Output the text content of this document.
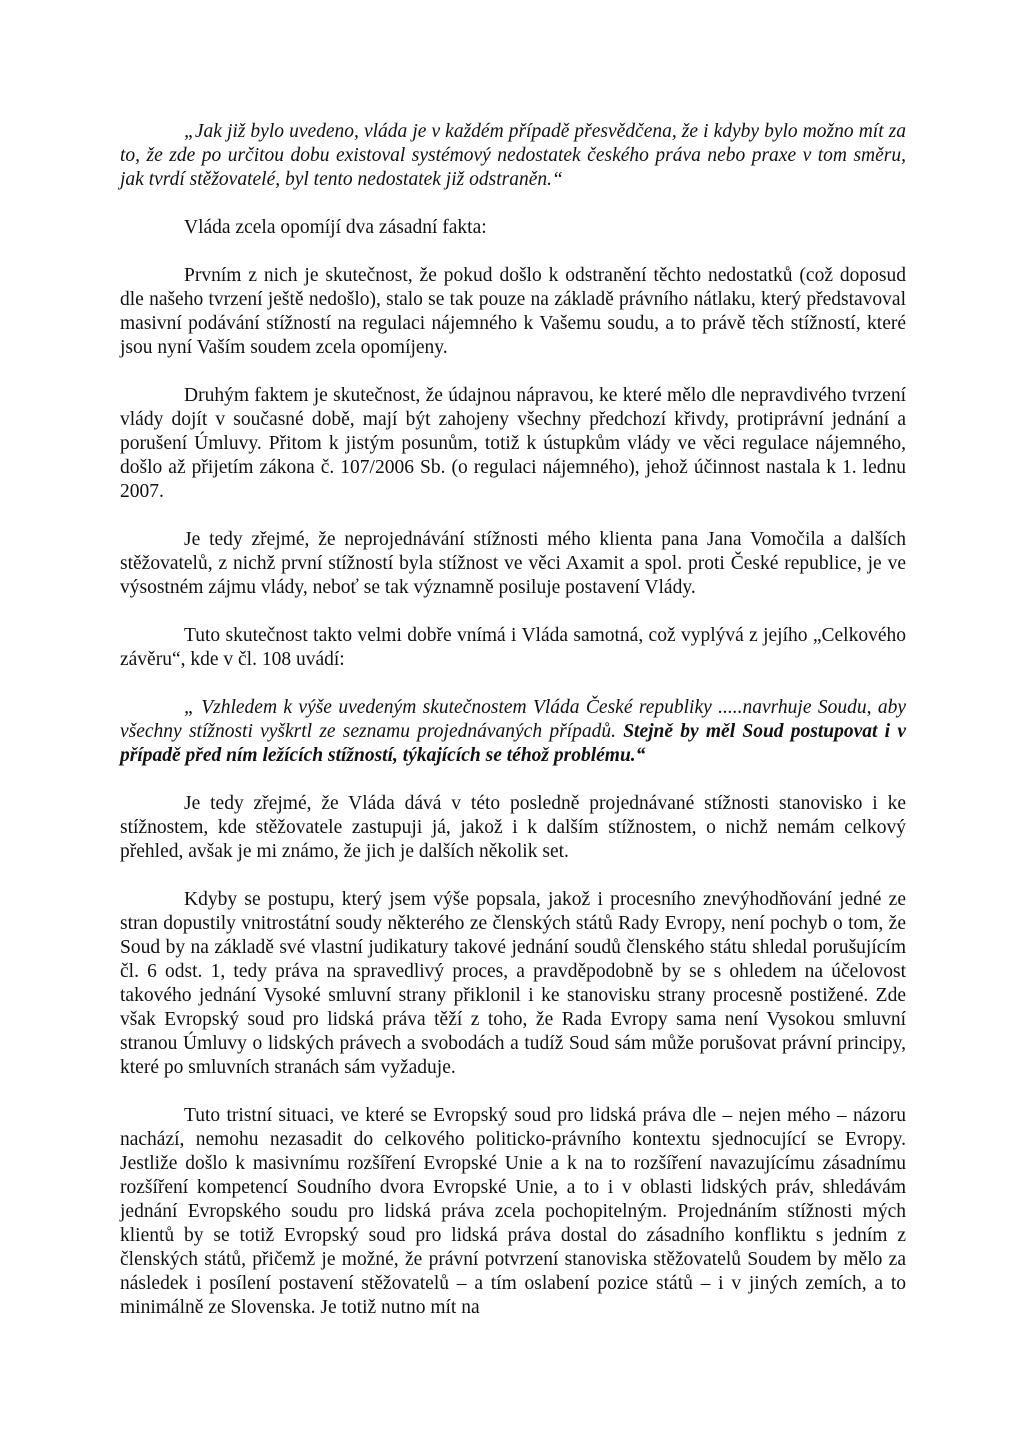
„Jak již bylo uvedeno, vláda je v každém případě přesvědčena, že i kdyby bylo možno mít za to, že zde po určitou dobu existoval systémový nedostatek českého práva nebo praxe v tom směru, jak tvrdí stěžovatelé, byl tento nedostatek již odstraněn.“

Vláda zcela opomíjí dva zásadní fakta:

Prvním z nich je skutečnost, že pokud došlo k odstranění těchto nedostatků (což doposud dle našeho tvrzení ještě nedošlo), stalo se tak pouze na základě právního nátlaku, který představoval masivní podávání stížností na regulaci nájemného k Vašemu soudu, a to právě těch stížností, které jsou nyní Vaším soudem zcela opomíjeny.

Druhým faktem je skutečnost, že údajnou nápravou, ke které mělo dle nepravdivého tvrzení vlády dojít v současné době, mají být zahojeny všechny předchozí křivdy, protiprávní jednání a porušení Úmluvy. Přitom k jistým posunům, totiž k ústupkům vlády ve věci regulace nájemného, došlo až přijetím zákona č. 107/2006 Sb. (o regulaci nájemného), jehož účinnost nastala k 1. lednu 2007.

Je tedy zřejmé, že neprojednávání stížnosti mého klienta pana Jana Vomočila a dalších stěžovatelů, z nichž první stížností byla stížnost ve věci Axamit a spol. proti České republice, je ve výsostném zájmu vlády, neboť se tak významně posiluje postavení Vlády.

Tuto skutečnost takto velmi dobře vnímá i Vláda samotná, což vyplývá z jejího „Celkového závěru“, kde v čl. 108 uvádí:

„ Vzhledem k výše uvedeným skutečnostem Vláda České republiky .....navrhuje Soudu, aby všechny stížnosti vyškrtl ze seznamu projednávaných případů. Stejně by měl Soud postupovat i v případě před ním ležících stížností, týkajících se téhož problému.“

Je tedy zřejmé, že Vláda dává v této posledně projednávané stížnosti stanovisko i ke stížnostem, kde stěžovatele zastupuji já, jakož i k dalším stížnostem, o nichž nemám celkový přehled, avšak je mi známo, že jich je dalších několik set.

Kdyby se postupu, který jsem výše popsala, jakož i procesního znevýhodňování jedné ze stran dopustily vnitrostátní soudy některého ze členských států Rady Evropy, není pochyb o tom, že Soud by na základě své vlastní judikatury takové jednání soudů členského státu shledal porušujícím čl. 6 odst. 1, tedy práva na spravedlivý proces, a pravděpodobně by se s ohledem na účelovost takového jednání Vysoké smluvní strany přiklonil i ke stanovisku strany procesně postižené. Zde však Evropský soud pro lidská práva těží z toho, že Rada Evropy sama není Vysokou smluvní stranou Úmluvy o lidských právech a svobodách a tudíž Soud sám může porušovat právní principy, které po smluvních stranách sám vyžaduje.

Tuto tristní situaci, ve které se Evropský soud pro lidská práva dle – nejen mého – názoru nachází, nemohu nezasadit do celkového politicko-právního kontextu sjednocující se Evropy. Jestliže došlo k masivnímu rozšíření Evropské Unie a k na to rozšíření navazujícímu zásadnímu rozšíření kompetencí Soudního dvora Evropské Unie, a to i v oblasti lidských práv, shledávám jednání Evropského soudu pro lidská práva zcela pochopitelným. Projednáním stížnosti mých klientů by se totiž Evropský soud pro lidská práva dostal do zásadního konfliktu s jedním z členských států, přičemž je možné, že právní potvrzení stanoviska stěžovatelů Soudem by mělo za následek i posílení postavení stěžovatelů – a tím oslabení pozice států – i v jiných zemích, a to minimálně ze Slovenska. Je totiž nutno mít na
